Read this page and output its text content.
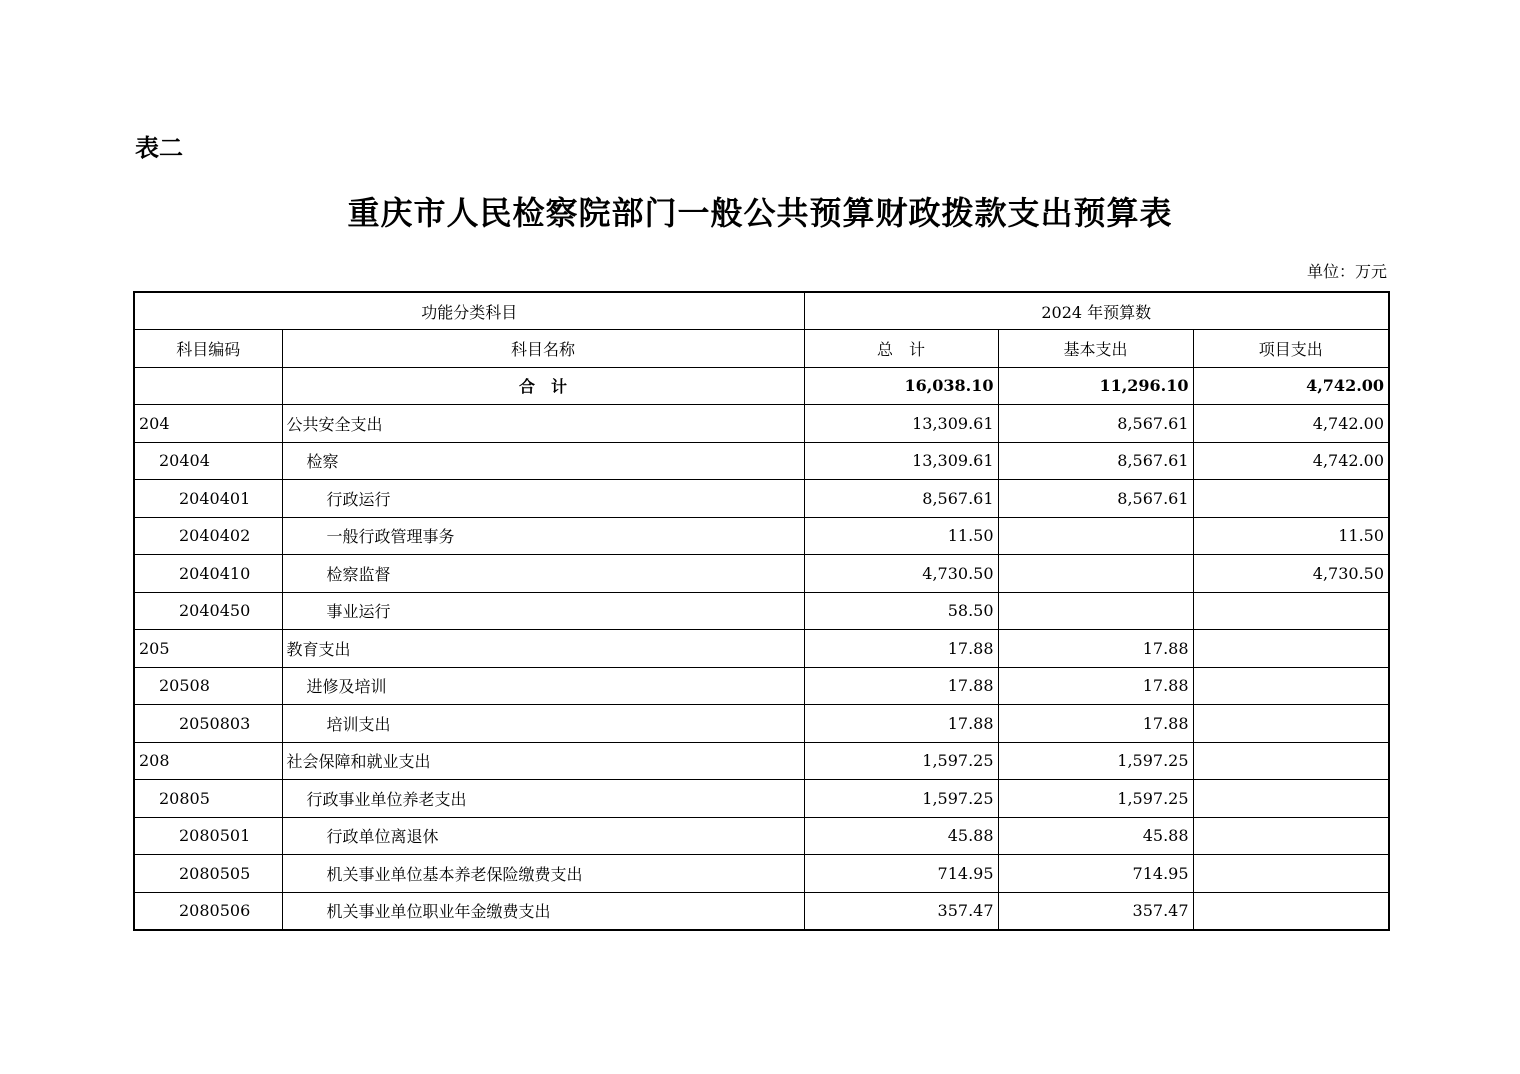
表二
重庆市人民检察院部门一般公共预算财政拨款支出预算表
单位：万元
功能分类科目		2024 年预算数		
科目编码	科目名称	总　计	基本支出	项目支出
	合　计	16,038.10	11,296.10	4,742.00
204	公共安全支出	13,309.61	8,567.61	4,742.00
20404	检察	13,309.61	8,567.61	4,742.00
2040401	行政运行	8,567.61	8,567.61	
2040402	一般行政管理事务	11.50		11.50
2040410	检察监督	4,730.50		4,730.50
2040450	事业运行	58.50		
205	教育支出	17.88	17.88	
20508	进修及培训	17.88	17.88	
2050803	培训支出	17.88	17.88	
208	社会保障和就业支出	1,597.25	1,597.25	
20805	行政事业单位养老支出	1,597.25	1,597.25	
2080501	行政单位离退休	45.88	45.88	
2080505	机关事业单位基本养老保险缴费支出	714.95	714.95	
2080506	机关事业单位职业年金缴费支出	357.47	357.47	
